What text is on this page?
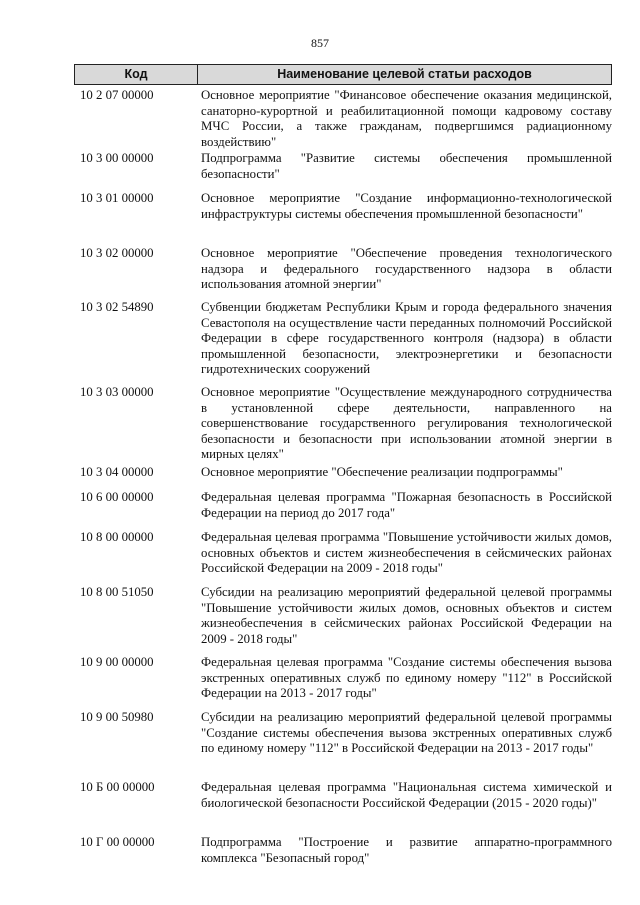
857
Код	Наименование целевой статьи расходов
10 2 07 00000	Основное мероприятие "Финансовое обеспечение оказания медицинской, санаторно-курортной и реабилитационной помощи кадровому составу МЧС России, а также гражданам, подвергшимся радиационному воздействию"
10 3 00 00000	Подпрограмма "Развитие системы обеспечения промышленной безопасности"
10 3 01 00000	Основное мероприятие "Создание информационно-технологической инфраструктуры системы обеспечения промышленной безопасности"
10 3 02 00000	Основное мероприятие "Обеспечение проведения технологического надзора и федерального государственного надзора в области использования атомной энергии"
10 3 02 54890	Субвенции бюджетам Республики Крым и города федерального значения Севастополя на осуществление части переданных полномочий Российской Федерации в сфере государственного контроля (надзора) в области промышленной безопасности, электроэнергетики и безопасности гидротехнических сооружений
10 3 03 00000	Основное мероприятие "Осуществление международного сотрудничества в установленной сфере деятельности, направленного на совершенствование государственного регулирования технологической безопасности и безопасности при использовании атомной энергии в мирных целях"
10 3 04 00000	Основное мероприятие "Обеспечение реализации подпрограммы"
10 6 00 00000	Федеральная целевая программа "Пожарная безопасность в Российской Федерации на период до 2017 года"
10 8 00 00000	Федеральная целевая программа "Повышение устойчивости жилых домов, основных объектов и систем жизнеобеспечения в сейсмических районах Российской Федерации на 2009 - 2018 годы"
10 8 00 51050	Субсидии на реализацию мероприятий федеральной целевой программы "Повышение устойчивости жилых домов, основных объектов и систем жизнеобеспечения в сейсмических районах Российской Федерации на 2009 - 2018 годы"
10 9 00 00000	Федеральная целевая программа "Создание системы обеспечения вызова экстренных оперативных служб по единому номеру "112" в Российской Федерации на 2013 - 2017 годы"
10 9 00 50980	Субсидии на реализацию мероприятий федеральной целевой программы "Создание системы обеспечения вызова экстренных оперативных служб по единому номеру "112" в Российской Федерации на 2013 - 2017 годы"
10 Б 00 00000	Федеральная целевая программа "Национальная система химической и биологической безопасности Российской Федерации (2015 - 2020 годы)"
10 Г 00 00000	Подпрограмма "Построение и развитие аппаратно-программного комплекса "Безопасный город"
